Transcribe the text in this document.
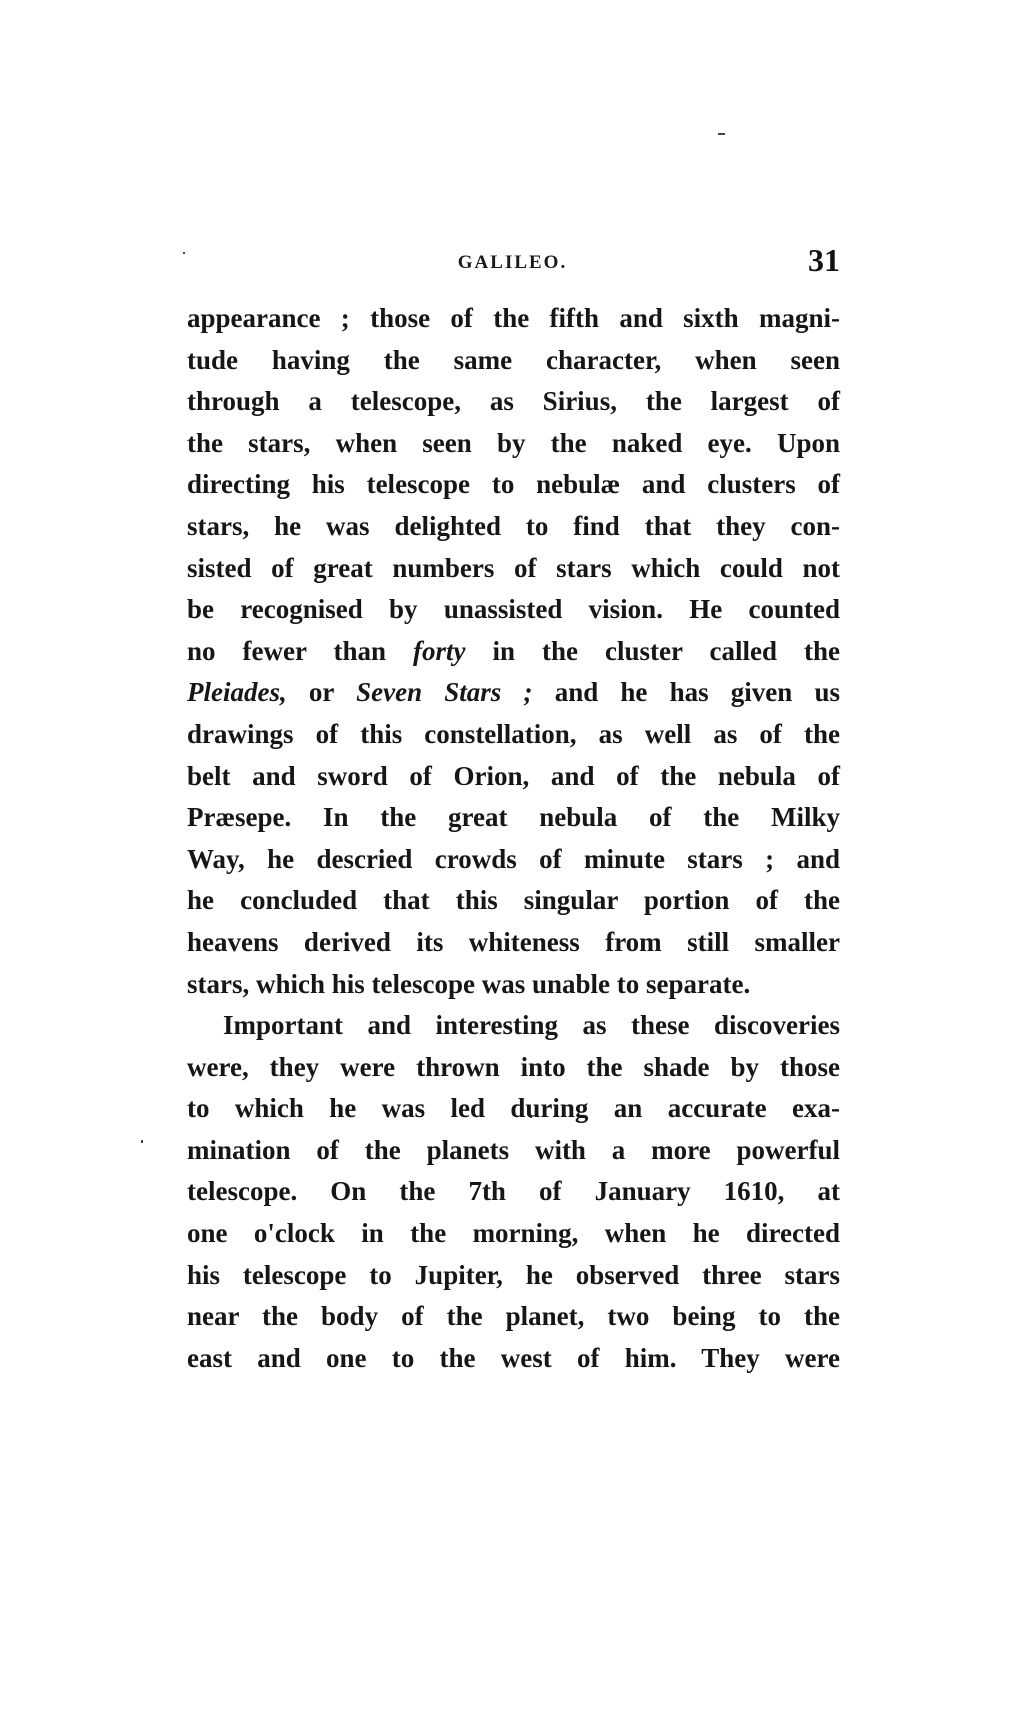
GALILEO.	31
appearance ; those of the fifth and sixth magni-
tude having the same character, when seen
through a telescope, as Sirius, the largest of
the stars, when seen by the naked eye. Upon
directing his telescope to nebulæ and clusters of
stars, he was delighted to find that they con-
sisted of great numbers of stars which could not
be recognised by unassisted vision. He counted
no fewer than forty in the cluster called the
Pleiades, or Seven Stars ; and he has given us
drawings of this constellation, as well as of the
belt and sword of Orion, and of the nebula of
Præsepe. In the great nebula of the Milky
Way, he descried crowds of minute stars ; and
he concluded that this singular portion of the
heavens derived its whiteness from still smaller
stars, which his telescope was unable to separate.
Important and interesting as these discoveries
were, they were thrown into the shade by those
to which he was led during an accurate exa-
mination of the planets with a more powerful
telescope. On the 7th of January 1610, at
one o'clock in the morning, when he directed
his telescope to Jupiter, he observed three stars
near the body of the planet, two being to the
east and one to the west of him. They were
